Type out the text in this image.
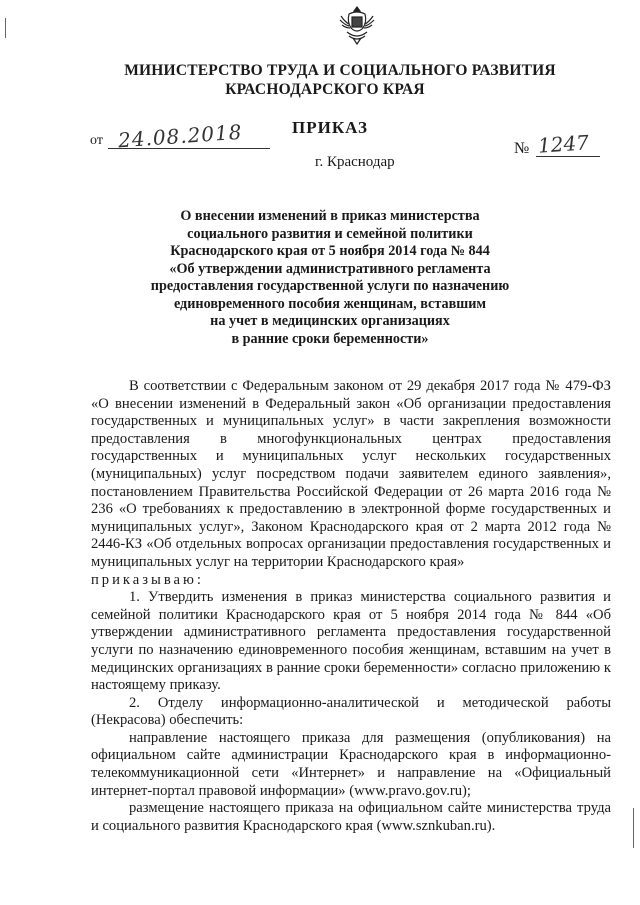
МИНИСТЕРСТВО ТРУДА И СОЦИАЛЬНОГО РАЗВИТИЯ
КРАСНОДАРСКОГО КРАЯ
ПРИКАЗ
от 24.08.2018	№ 1247
г. Краснодар
О внесении изменений в приказ министерства
социального развития и семейной политики
Краснодарского края от 5 ноября 2014 года № 844
«Об утверждении административного регламента
предоставления государственной услуги по назначению
единовременного пособия женщинам, вставшим
на учет в медицинских организациях
в ранние сроки беременности»

В соответствии с Федеральным законом от 29 декабря 2017 года № 479-ФЗ «О внесении изменений в Федеральный закон «Об организации предоставления государственных и муниципальных услуг» в части закрепления возможности предоставления в многофункциональных центрах предоставления государственных и муниципальных услуг нескольких государственных (муниципальных) услуг посредством подачи заявителем единого заявления», постановлением Правительства Российской Федерации от 26 марта 2016 года № 236 «О требованиях к предоставлению в электронной форме государственных и муниципальных услуг», Законом Краснодарского края от 2 марта 2012 года № 2446-КЗ «Об отдельных вопросах организации предоставления государственных и муниципальных услуг на территории Краснодарского края»

приказываю:

1. Утвердить изменения в приказ министерства социального развития и семейной политики Краснодарского края от 5 ноября 2014 года № 844 «Об утверждении административного регламента предоставления государственной услуги по назначению единовременного пособия женщинам, вставшим на учет в медицинских организациях в ранние сроки беременности» согласно приложению к настоящему приказу.

2. Отделу информационно-аналитической и методической работы (Некрасова) обеспечить:

направление настоящего приказа для размещения (опубликования) на официальном сайте администрации Краснодарского края в информационно-телекоммуникационной сети «Интернет» и направление на «Официальный интернет-портал правовой информации» (www.pravo.gov.ru);

размещение настоящего приказа на официальном сайте министерства труда и социального развития Краснодарского края (www.sznkuban.ru).
